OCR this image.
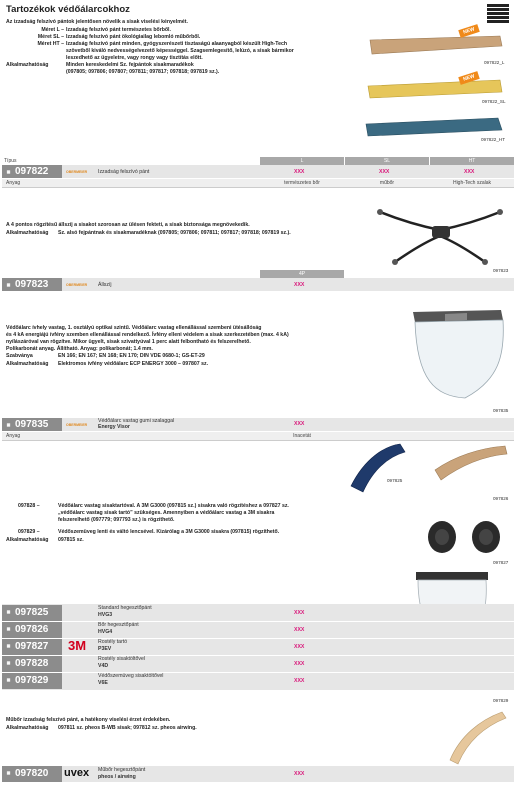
Tartozékok védőálarcokhoz
Az izzadság felszívó pántok jelentősen növelik a sisak viselési kényelmét.
Méret L – Izzadság felszívó pánt természetes bőrből.
Méret SL – Izzadság felszívó pánt ökológiailag lebomló műbőrből.
Méret HT – Izzadság felszívó pánt minden, gyógyszerészeti tisztaságú alaanyagból készült High-Tech
szövetből kiváló nedvességelvezető képességgel. Szagsemlegesítő, lelúzó, a sisak bármikor
leszedhető az ügyeletre, vagy rongy vagy tisztítás előtt.
Alkalmazhatóság	Minden kereskedelmi Sz. fejpántok sisakmaradékok
(097805; 097806; 097807; 097811; 097817; 097818; 097819 sz.).
NEW
NEW
097822_L
097822_SL
097822_HT
Típus	L	SL	HT
▦ 097822	OBERMEIER Izzadság felszívó pánt	XXX	XXX	XXX
Anyag	természetes bőr	műbőr	High-Tech szalak
A 4 pontos rögzítésű állszíj a sisakot szorosan az ülésen fekteti, a sisak biztonsága megnövekedik.
Alkalmazhatóság Sz. alsó fejpántnak és sisakmaradéknak (097805; 097806; 097811; 097817; 097818; 097819 sz.).
097823
4P
▦ 097823	OBERMEIER Állszíj	XXX
Védőálarc ívhely vastag, 1. osztályú optikai szintű. Védőálarc vastag ellenállással szembeni ütésállóság
és 4 kA energiájú ívfény szemben ellenállással rendelkező. Ívfény elleni védelem a sisak szerkezetében (max. 4 kA)
nyílászáróval van rögzítve. Mikor ügyelt, sisak szivattyúval 1 perc alatt felbontható és felszerelhető.
Polikarbonát anyag. Állítható. Anyag: polikarbonát; 1.4 mm.
Szabványa	EN 166; EN 167; EN 168; EN 170; DIN VDE 0680-1; GS-ET-29
Alkalmazhatóság Elektromos ívfény védőálarc ECP ENERGY 3000 – 097807 sz.
097835
▦ 097835	OBERMEIER
Védőálarc vastag gumi szalaggal
Energy Visor	XXX
Anyag	Inacetát
097825
097826
097828 –	Védőálarc vastag sisaktartóval. A 3M G3000 (097815 sz.) sisakra való rögzítéshez a 097827 sz.
„védőálarc vastag sisak tartó” szükséges. Amennyiben a védőálarc vastag a 3M sisakra
felszerelhető (097779; 097793 sz.) is rögzíthető.
097829 –	Védőszemüveg lenti és váltó lencsével. Kizárólag a 3M G3000 sisakra (097815) rögzíthető.
Alkalmazhatóság 097815 sz.
097827
097829
▦ 097825	Standard hegesztőpánt
HVG3	XXX
▦ 097826	Bőr hegesztőpánt
HVG4	XXX
▦ 097827	3M Rostély tartó
P3EV	XXX
▦ 097828	Rostély sisaktöltővel
V4D	XXX
▦ 097829	Védőszemüveg sisaktöltővel
V6E	XXX
Műbőr izzadság felszívó pánt, a hatékony viselési érzet érdekében.
Alkalmazhatóság 097811 sz. pheos B-WB sisak; 097812 sz. pheos airwing.
▦ 097820	uvex Műbőr hegesztőpánt
pheos / airwing	XXX
